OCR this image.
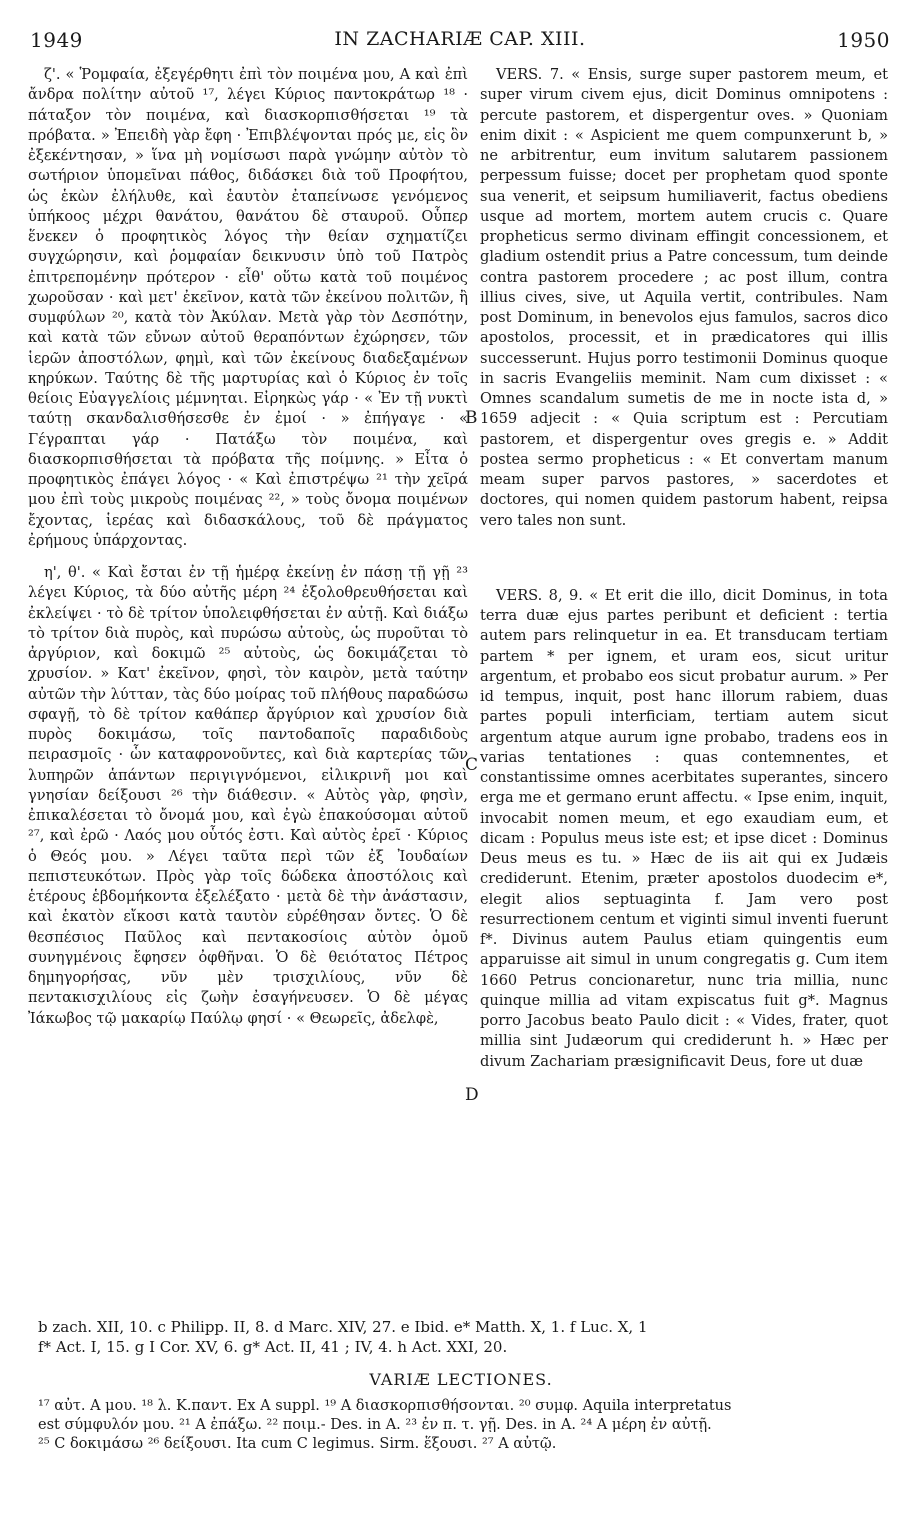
1949	IN ZACHARIÆ CAP. XIII.	1950

ζ'. « Ῥομφαία, ἐξεγέρθητι ἐπὶ τὸν ποιμένα μου, A καὶ ἐπὶ ἄνδρα πολίτην αὐτοῦ ¹⁷, λέγει Κύριος παντοκράτωρ ¹⁸ · πάταξον τὸν ποιμένα, καὶ διασκορπισθήσεται ¹⁹ τὰ πρόβατα. » Ἐπειδὴ γὰρ ἔφη · Ἐπιβλέψονται πρός με, εἰς ὃν ἐξεκέντησαν, » ἵνα μὴ νομίσωσι παρὰ γνώμην αὐτὸν τὸ σωτήριον ὑπομεῖναι πάθος, διδάσκει διὰ τοῦ Προφήτου, ὡς ἑκὼν ἐλήλυθε, καὶ ἑαυτὸν ἐταπείνωσε γενόμενος ὑπήκοος μέχρι θανάτου, θανάτου δὲ σταυροῦ. Οὗπερ ἕνεκεν ὁ προφητικὸς λόγος τὴν θείαν σχηματίζει συγχώρησιν, καὶ ῥομφαίαν δεικνυσιν ὑπὸ τοῦ Πατρὸς ἐπιτρεπομένην πρότερον · εἶθ' οὕτω κατὰ τοῦ ποιμένος χωροῦσαν · καὶ μετ' ἐκεῖνον, κατὰ τῶν ἐκείνου πολιτῶν, ἢ συμφύλων ²⁰, κατὰ τὸν Ἀκύλαν. Μετὰ γὰρ τὸν Δεσπότην, καὶ κατὰ τῶν εὔνων αὐτοῦ θεραπόντων ἐχώρησεν, τῶν ἱερῶν ἀποστόλων, φημὶ, καὶ τῶν ἐκείνους διαδεξαμένων κηρύκων. Ταύτης δὲ τῆς μαρτυρίας καὶ ὁ Κύριος ἐν τοῖς θείοις Εὐαγγελίοις μέμνηται. Εἰρηκὼς γάρ · « Ἐν τῇ νυκτὶ ταύτῃ σκανδαλισθήσεσθε ἐν ἐμοί · » ἐπήγαγε · « Γέγραπται γάρ · Πατάξω τὸν ποιμένα, καὶ διασκορπισθήσεται τὰ πρόβατα τῆς ποίμνης. » Εἶτα ὁ προφητικὸς ἐπάγει λόγος · « Καὶ ἐπιστρέψω ²¹ τὴν χεῖρά μου ἐπὶ τοὺς μικροὺς ποιμένας ²², » τοὺς ὄνομα ποιμένων ἔχοντας, ἱερέας καὶ διδασκάλους, τοῦ δὲ πράγματος ἐρήμους ὑπάρχοντας.

η', θ'. « Καὶ ἔσται ἐν τῇ ἡμέρᾳ ἐκείνῃ ἐν πάσῃ τῇ γῇ ²³ λέγει Κύριος, τὰ δύο αὐτῆς μέρη ²⁴ ἐξολοθρευθήσεται καὶ ἐκλείψει · τὸ δὲ τρίτον ὑπολειφθήσεται ἐν αὐτῇ. Καὶ διάξω τὸ τρίτον διὰ πυρὸς, καὶ πυρώσω αὐτοὺς, ὡς πυροῦται τὸ ἀργύριον, καὶ δοκιμῶ ²⁵ αὐτοὺς, ὡς δοκιμάζεται τὸ χρυσίον. » Κατ' ἐκεῖνον, φησὶ, τὸν καιρὸν, μετὰ ταύτην αὐτῶν τὴν λύτταν, τὰς δύο μοίρας τοῦ πλήθους παραδώσω σφαγῇ, τὸ δὲ τρίτον καθάπερ ἄργύριον καὶ χρυσίον διὰ πυρὸς δοκιμάσω, τοῖς παντοδαποῖς παραδιδοὺς πειρασμοῖς · ὧν καταφρονοῦντες, καὶ διὰ καρτερίας τῶν λυπηρῶν ἁπάντων περιγιγνόμενοι, εἰλικρινῆ μοι καὶ γνησίαν δείξουσι ²⁶ τὴν διάθεσιν. « Αὐτὸς γὰρ, φησὶν, ἐπικαλέσεται τὸ ὄνομά μου, καὶ ἐγὼ ἐπακούσομαι αὐτοῦ ²⁷, καὶ ἐρῶ · Λαός μου οὗτός ἐστι. Καὶ αὐτὸς ἐρεῖ · Κύριος ὁ Θεός μου. » Λέγει ταῦτα περὶ τῶν ἐξ Ἰουδαίων πεπιστευκότων. Πρὸς γὰρ τοῖς δώδεκα ἀποστόλοις καὶ ἑτέρους ἑβδομήκοντα ἐξελέξατο · μετὰ δὲ τὴν ἀνάστασιν, καὶ ἑκατὸν εἴκοσι κατὰ ταυτὸν εὑρέθησαν ὄντες. Ὁ δὲ θεσπέσιος Παῦλος καὶ πεντακοσίοις αὐτὸν ὁμοῦ συνηγμένοις ἔφησεν ὀφθῆναι. Ὁ δὲ θειότατος Πέτρος δημηγορήσας, νῦν μὲν τρισχιλίους, νῦν δὲ πεντακισχιλίους εἰς ζωὴν ἐσαγήνευσεν. Ὁ δὲ μέγας Ἰάκωβος τῷ μακαρίῳ Παύλῳ φησί · « Θεωρεῖς, ἀδελφὲ,

B
C
D

VERS. 7. « Ensis, surge super pastorem meum, et super virum civem ejus, dicit Dominus omnipotens : percute pastorem, et dispergentur oves. » Quoniam enim dixit : « Aspicient me quem compunxerunt b, » ne arbitrentur, eum invitum salutarem passionem perpessum fuisse; docet per prophetam quod sponte sua venerit, et seipsum humiliaverit, factus obediens usque ad mortem, mortem autem crucis c. Quare propheticus sermo divinam effingit concessionem, et gladium ostendit prius a Patre concessum, tum deinde contra pastorem procedere ; ac post illum, contra illius cives, sive, ut Aquila vertit, contribules. Nam post Dominum, in benevolos ejus famulos, sacros dico apostolos, processit, et in prædicatores qui illis successerunt. Hujus porro testimonii Dominus quoque in sacris Evangeliis meminit. Nam cum dixisset : « Omnes scandalum sumetis de me in nocte ista d, » 1659 adjecit : « Quia scriptum est : Percutiam pastorem, et dispergentur oves gregis e. » Addit postea sermo propheticus : « Et convertam manum meam super parvos pastores, » sacerdotes et doctores, qui nomen quidem pastorum habent, reipsa vero tales non sunt.

VERS. 8, 9. « Et erit die illo, dicit Dominus, in tota terra duæ ejus partes peribunt et deficient : tertia autem pars relinquetur in ea. Et transducam tertiam partem * per ignem, et uram eos, sicut uritur argentum, et probabo eos sicut probatur aurum. » Per id tempus, inquit, post hanc illorum rabiem, duas partes populi interficiam, tertiam autem sicut argentum atque aurum igne probabo, tradens eos in varias tentationes : quas contemnentes, et constantissime omnes acerbitates superantes, sincero erga me et germano erunt affectu. « Ipse enim, inquit, invocabit nomen meum, et ego exaudiam eum, et dicam : Populus meus iste est; et ipse dicet : Dominus Deus meus es tu. » Hæc de iis ait qui ex Judæis crediderunt. Etenim, præter apostolos duodecim e*, elegit alios septuaginta f. Jam vero post resurrectionem centum et viginti simul inventi fuerunt f*. Divinus autem Paulus etiam quingentis eum apparuisse ait simul in unum congregatis g. Cum item 1660 Petrus concionaretur, nunc tria millia, nunc quinque millia ad vitam expiscatus fuit g*. Magnus porro Jacobus beato Paulo dicit : « Vides, frater, quot millia sint Judæorum qui crediderunt h. » Hæc per divum Zachariam præsignificavit Deus, fore ut duæ

b zach. XII, 10. c Philipp. II, 8. d Marc. XIV, 27. e Ibid. e* Matth. X, 1. f Luc. X, 1
f* Act. I, 15. g I Cor. XV, 6. g* Act. II, 41 ; IV, 4. h Act. XXI, 20.
VARIÆ LECTIONES.
¹⁷ αὐτ. Α μου. ¹⁸ λ. Κ.παντ. Ex A suppl. ¹⁹ Α διασκορπισθήσονται. ²⁰ συμφ. Aquila interpretatus
est σύμφυλόν μου. ²¹ Α ἐπάξω. ²² ποιμ.- Des. in A. ²³ ἐν π. τ. γῇ. Des. in A. ²⁴ Α μέρη ἐν αὐτῇ.
²⁵ C δοκιμάσω ²⁶ δείξουσι. Ita cum C legimus. Sirm. ἕξουσι. ²⁷ Α αὐτῷ.
